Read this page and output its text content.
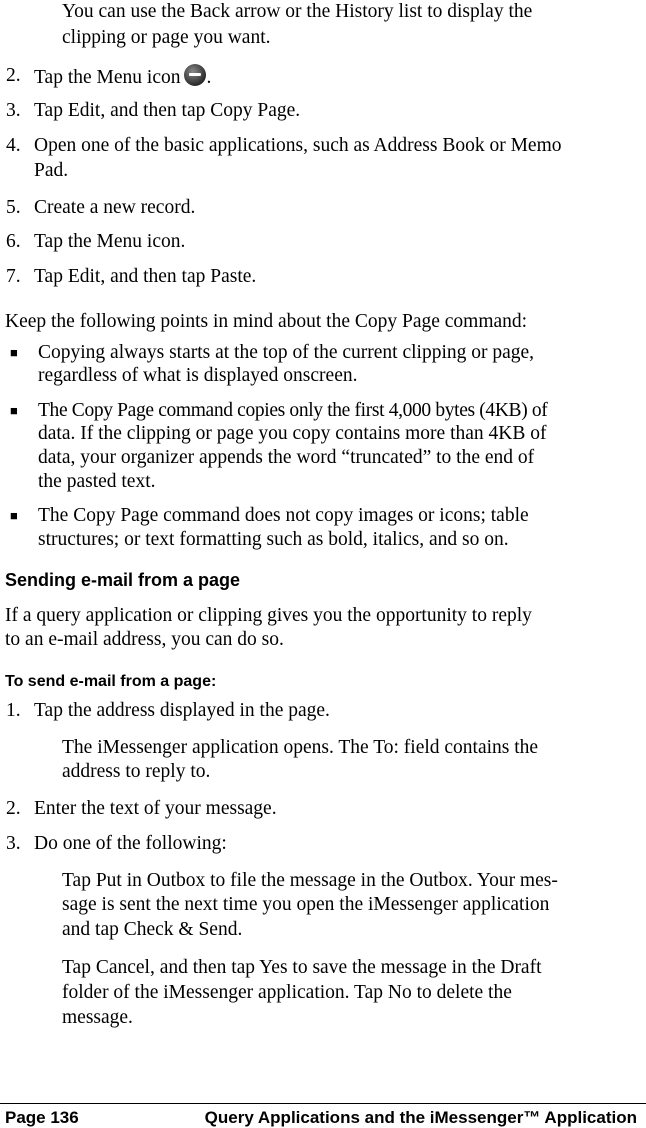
You can use the Back arrow or the History list to display the
clipping or page you want.
2. Tap the Menu icon .
3. Tap Edit, and then tap Copy Page.
4. Open one of the basic applications, such as Address Book or Memo
Pad.
5. Create a new record.
6. Tap the Menu icon.
7. Tap Edit, and then tap Paste.
Keep the following points in mind about the Copy Page command:
■ Copying always starts at the top of the current clipping or page,
regardless of what is displayed onscreen.
■ The Copy Page command copies only the first 4,000 bytes (4KB) of
data. If the clipping or page you copy contains more than 4KB of
data, your organizer appends the word “truncated” to the end of
the pasted text.
■ The Copy Page command does not copy images or icons; table
structures; or text formatting such as bold, italics, and so on.
Sending e-mail from a page
If a query application or clipping gives you the opportunity to reply
to an e-mail address, you can do so.
To send e-mail from a page:
1. Tap the address displayed in the page.
The iMessenger application opens. The To: field contains the
address to reply to.
2. Enter the text of your message.
3. Do one of the following:
Tap Put in Outbox to file the message in the Outbox. Your mes-
sage is sent the next time you open the iMessenger application
and tap Check & Send.
Tap Cancel, and then tap Yes to save the message in the Draft
folder of the iMessenger application. Tap No to delete the
message.
Page 136	Query Applications and the iMessenger™ Application
